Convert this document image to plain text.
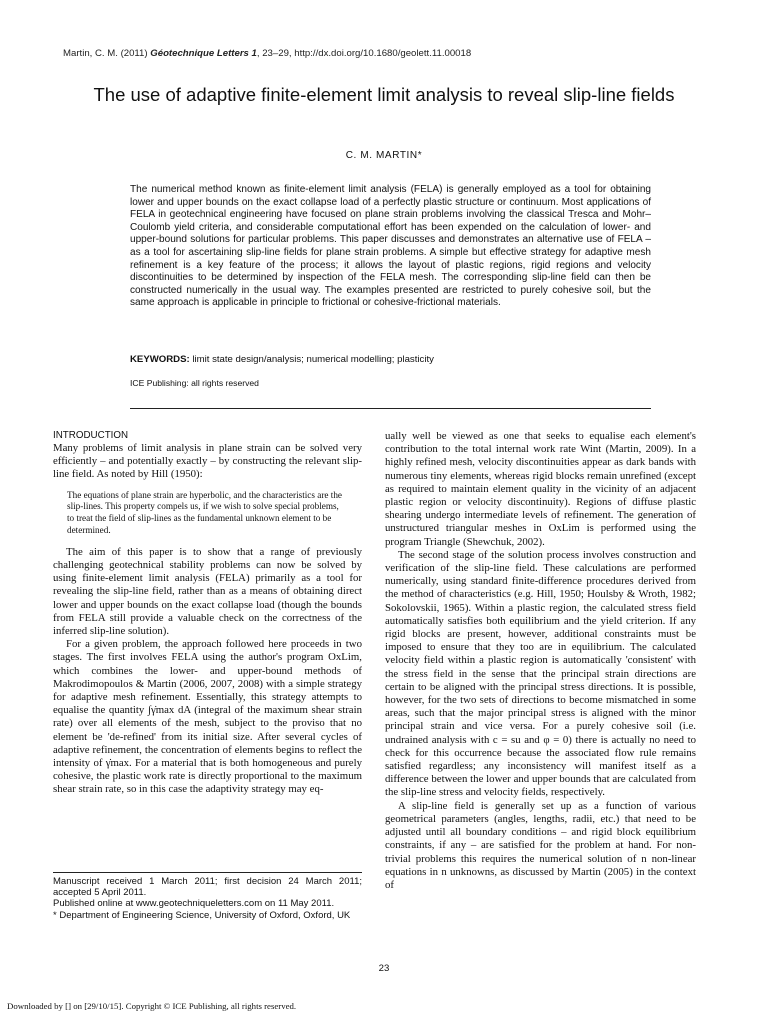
Martin, C. M. (2011) Géotechnique Letters 1, 23–29, http://dx.doi.org/10.1680/geolett.11.00018
The use of adaptive finite-element limit analysis to reveal slip-line fields
C. M. MARTIN*

The numerical method known as finite-element limit analysis (FELA) is generally employed as a tool for obtaining lower and upper bounds on the exact collapse load of a perfectly plastic structure or continuum. Most applications of FELA in geotechnical engineering have focused on plane strain problems involving the classical Tresca and Mohr–Coulomb yield criteria, and considerable computational effort has been expended on the calculation of lower- and upper-bound solutions for particular problems. This paper discusses and demonstrates an alternative use of FELA – as a tool for ascertaining slip-line fields for plane strain problems. A simple but effective strategy for adaptive mesh refinement is a key feature of the process; it allows the layout of plastic regions, rigid regions and velocity discontinuities to be determined by inspection of the FELA mesh. The corresponding slip-line field can then be constructed numerically in the usual way. The examples presented are restricted to purely cohesive soil, but the same approach is applicable in principle to frictional or cohesive-frictional materials.

KEYWORDS: limit state design/analysis; numerical modelling; plasticity
ICE Publishing: all rights reserved
INTRODUCTION

Many problems of limit analysis in plane strain can be solved very efficiently – and potentially exactly – by constructing the relevant slip-line field. As noted by Hill (1950):

The equations of plane strain are hyperbolic, and the characteristics are the slip-lines. This property compels us, if we wish to solve special problems, to treat the field of slip-lines as the fundamental unknown element to be determined.

The aim of this paper is to show that a range of previously challenging geotechnical stability problems can now be solved by using finite-element limit analysis (FELA) primarily as a tool for revealing the slip-line field, rather than as a means of obtaining direct lower and upper bounds on the exact collapse load (though the bounds from FELA still provide a valuable check on the correctness of the inferred slip-line solution).

For a given problem, the approach followed here proceeds in two stages. The first involves FELA using the author's program OxLim, which combines the lower- and upper-bound methods of Makrodimopoulos & Martin (2006, 2007, 2008) with a simple strategy for adaptive mesh refinement. Essentially, this strategy attempts to equalise the quantity ∫γ̇max dA (integral of the maximum shear strain rate) over all elements of the mesh, subject to the proviso that no element be 'de-refined' from its initial size. After several cycles of adaptive refinement, the concentration of elements begins to reflect the intensity of γ̇max. For a material that is both homogeneous and purely cohesive, the plastic work rate is directly proportional to the maximum shear strain rate, so in this case the adaptivity strategy may eq-

Manuscript received 1 March 2011; first decision 24 March 2011; accepted 5 April 2011.

Published online at www.geotechniqueletters.com on 11 May 2011.

* Department of Engineering Science, University of Oxford, Oxford, UK

ually well be viewed as one that seeks to equalise each element's contribution to the total internal work rate Wint (Martin, 2009). In a highly refined mesh, velocity discontinuities appear as dark bands with numerous tiny elements, whereas rigid blocks remain unrefined (except as required to maintain element quality in the vicinity of an adjacent plastic region or velocity discontinuity). Regions of diffuse plastic shearing undergo intermediate levels of refinement. The generation of unstructured triangular meshes in OxLim is performed using the program Triangle (Shewchuk, 2002).

The second stage of the solution process involves construction and verification of the slip-line field. These calculations are performed numerically, using standard finite-difference procedures derived from the method of characteristics (e.g. Hill, 1950; Houlsby & Wroth, 1982; Sokolovskii, 1965). Within a plastic region, the calculated stress field automatically satisfies both equilibrium and the yield criterion. If any rigid blocks are present, however, additional constraints must be imposed to ensure that they too are in equilibrium. The calculated velocity field within a plastic region is automatically 'consistent' with the stress field in the sense that the principal strain directions are certain to be aligned with the principal stress directions. It is possible, however, for the two sets of directions to become mismatched in some areas, such that the major principal stress is aligned with the minor principal strain and vice versa. For a purely cohesive soil (i.e. undrained analysis with c = su and φ = 0) there is actually no need to check for this occurrence because the associated flow rule remains satisfied regardless; any inconsistency will manifest itself as a difference between the lower and upper bounds that are calculated from the slip-line stress and velocity fields, respectively.

A slip-line field is generally set up as a function of various geometrical parameters (angles, lengths, radii, etc.) that need to be adjusted until all boundary conditions – and rigid block equilibrium constraints, if any – are satisfied for the problem at hand. For non-trivial problems this requires the numerical solution of n non-linear equations in n unknowns, as discussed by Martin (2005) in the context of

23
Downloaded by [] on [29/10/15]. Copyright © ICE Publishing, all rights reserved.
